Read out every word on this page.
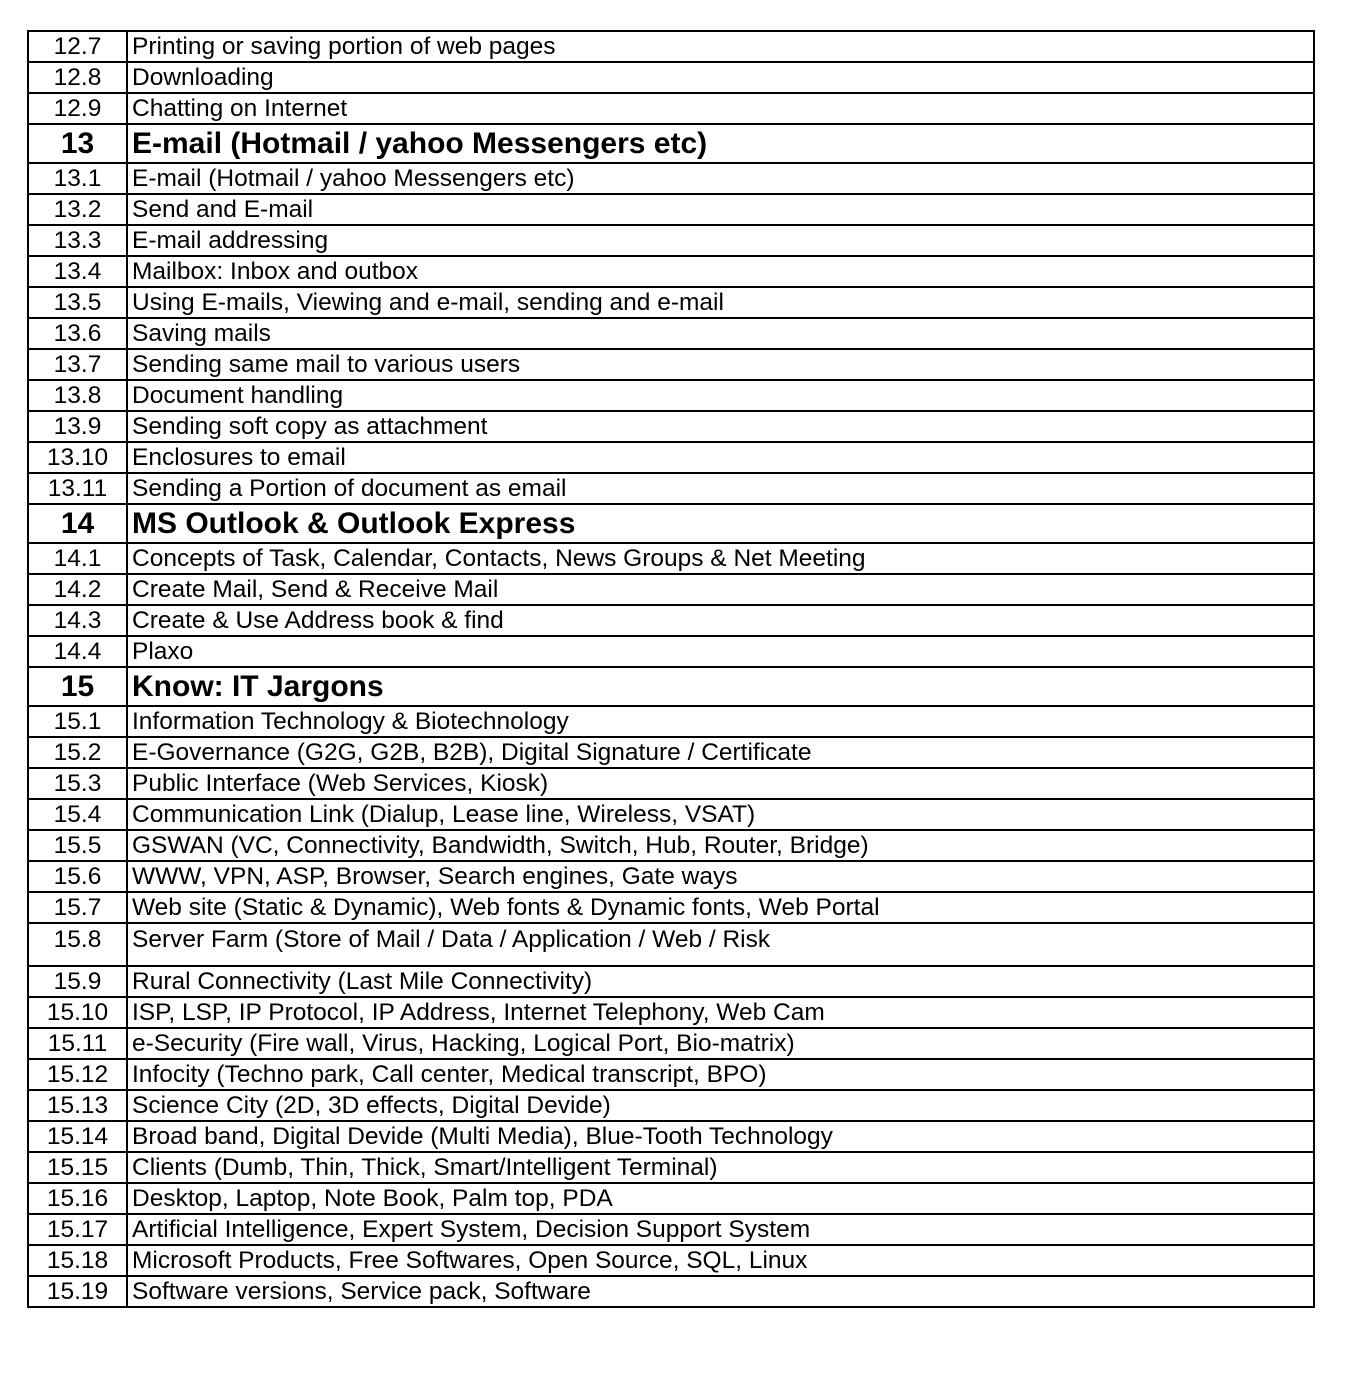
12.7	Printing or saving portion of web pages
12.8	Downloading
12.9	Chatting on Internet
13	E-mail (Hotmail / yahoo Messengers etc)
13.1	E-mail (Hotmail / yahoo Messengers etc)
13.2	Send and E-mail
13.3	E-mail addressing
13.4	Mailbox: Inbox and outbox
13.5	Using E-mails, Viewing and e-mail, sending and e-mail
13.6	Saving mails
13.7	Sending same mail to various users
13.8	Document handling
13.9	Sending soft copy as attachment
13.10	Enclosures to email
13.11	Sending a Portion of document as email
14	MS Outlook & Outlook Express
14.1	Concepts of Task, Calendar, Contacts, News Groups & Net Meeting
14.2	Create Mail, Send & Receive Mail
14.3	Create & Use Address book & find
14.4	Plaxo
15	Know: IT Jargons
15.1	Information Technology & Biotechnology
15.2	E-Governance (G2G, G2B, B2B), Digital Signature / Certificate
15.3	Public Interface (Web Services, Kiosk)
15.4	Communication Link (Dialup, Lease line, Wireless, VSAT)
15.5	GSWAN (VC, Connectivity, Bandwidth, Switch, Hub, Router, Bridge)
15.6	WWW, VPN, ASP, Browser, Search engines, Gate ways
15.7	Web site (Static & Dynamic), Web fonts & Dynamic fonts, Web Portal
15.8	Server Farm (Store of Mail / Data / Application / Web / Risk
15.9	Rural Connectivity (Last Mile Connectivity)
15.10	ISP, LSP, IP Protocol, IP Address, Internet Telephony, Web Cam
15.11	e-Security (Fire wall, Virus, Hacking, Logical Port, Bio-matrix)
15.12	Infocity (Techno park, Call center, Medical transcript, BPO)
15.13	Science City (2D, 3D effects, Digital Devide)
15.14	Broad band, Digital Devide (Multi Media), Blue-Tooth Technology
15.15	Clients (Dumb, Thin, Thick, Smart/Intelligent Terminal)
15.16	Desktop, Laptop, Note Book, Palm top, PDA
15.17	Artificial Intelligence, Expert System, Decision Support System
15.18	Microsoft Products, Free Softwares, Open Source, SQL, Linux
15.19	Software versions, Service pack, Software
